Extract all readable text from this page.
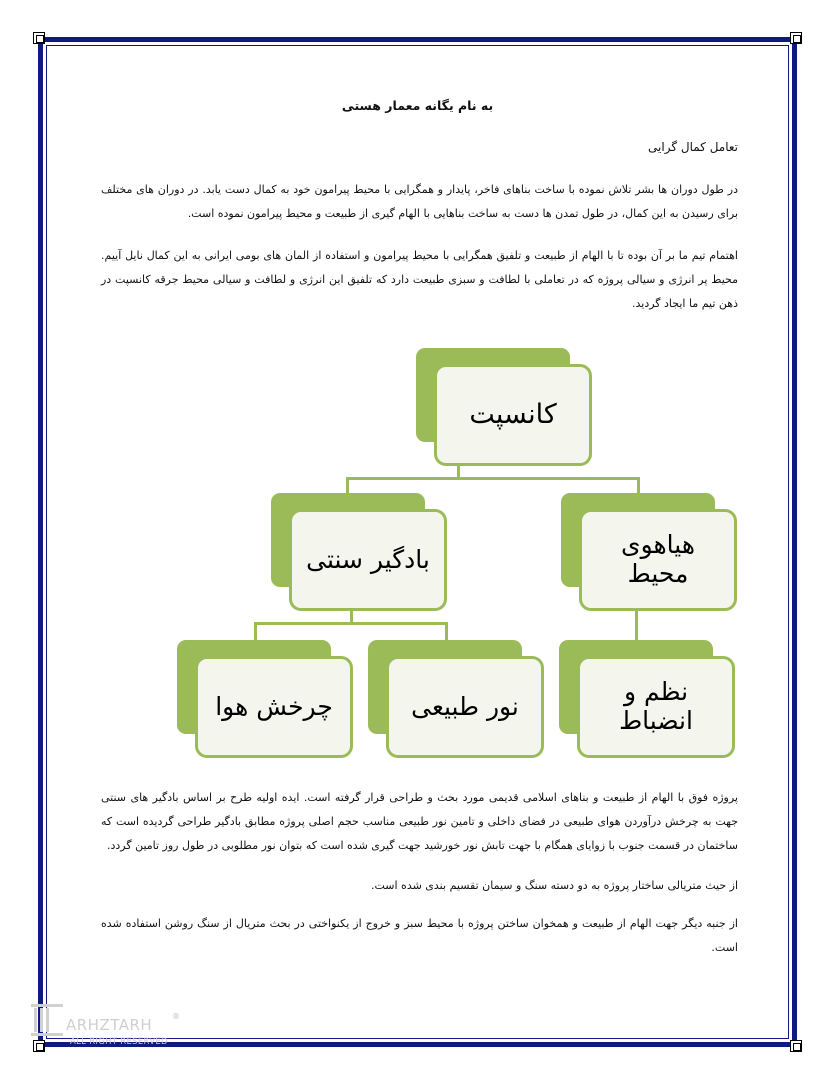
به نام یگانه معمار هستی
تعامل کمال گرایی
در طول دوران ها بشر تلاش نموده با ساخت بناهای فاخر، پایدار و همگرایی با محیط پیرامون خود به کمال دست یابد. در دوران های مختلف برای رسیدن به این کمال، در طول تمدن ها دست به ساخت بناهایی با الهام گیری از طبیعت و محیط پیرامون نموده است.
اهتمام تیم ما بر آن بوده تا با الهام از طبیعت و تلفیق همگرایی با محیط پیرامون و استفاده از المان های بومی ایرانی به این کمال نایل آییم. محیط پر انرژی و سیالی پروژه که در تعاملی با لطافت و سبزی طبیعت دارد که تلفیق این انرژی و لطافت و سیالی محیط جرقه کانسپت در ذهن تیم ما ایجاد گردید.
کانسپت
بادگیر سنتی	هیاهوی
محیط
چرخش هوا	نور طبیعی	نظم و
انضباط
پروژه فوق با الهام از طبیعت و بناهای اسلامی قدیمی مورد بحث و طراحی قرار گرفته است. ایده اولیه طرح بر اساس بادگیر های سنتی جهت به چرخش درآوردن هوای طبیعی در فضای داخلی و تامین نور طبیعی مناسب حجم اصلی پروژه مطابق بادگیر طراحی گردیده است که ساختمان در قسمت جنوب با زوایای همگام با جهت تابش نور خورشید جهت گیری شده است که بتوان نور مطلوبی در طول روز تامین گردد.
از حیث متریالی ساختار پروژه به دو دسته سنگ و سیمان تقسیم بندی شده است.
از جنبه دیگر جهت الهام از طبیعت و همخوان ساختن پروژه با محیط سبز و خروج از یکنواختی در بحث متریال از سنگ روشن استفاده شده است.
ARHZTARH ®
ALL RIGHT RESERVED
